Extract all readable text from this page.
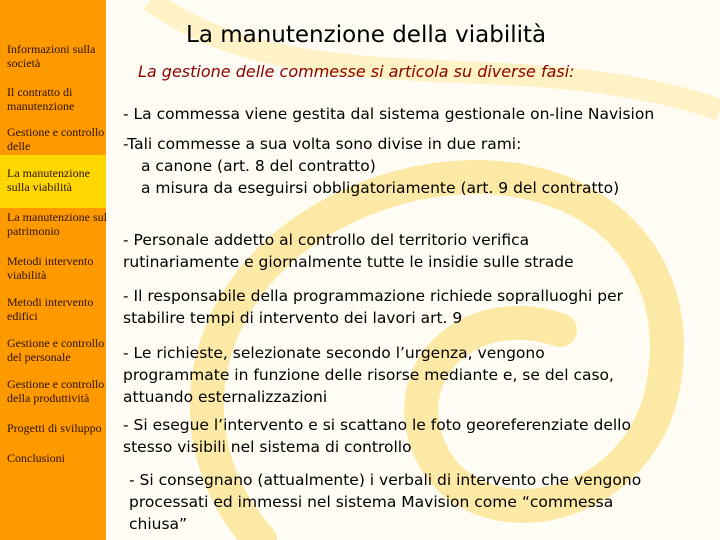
Informazioni sulla società
Il contratto di manutenzione
Gestione e controllo delle
La manutenzione sulla viabilità
La manutenzione sul patrimonio
Metodi intervento viabilità
Metodi intervento edifici
Gestione e controllo del personale
Gestione e controllo della produttività
Progetti di sviluppo
Conclusioni
La manutenzione della viabilità
La gestione delle commesse si articola su diverse fasi:
- La commessa viene gestita dal sistema gestionale on-line Navision
-Tali commesse a sua volta sono divise in due rami:
a canone (art. 8 del contratto)
a misura da eseguirsi obbligatoriamente (art. 9 del contratto)
- Personale addetto al controllo del territorio verifica
rutinariamente e giornalmente tutte le insidie sulle strade
- Il responsabile della programmazione richiede sopralluoghi per
stabilire tempi di intervento dei lavori art. 9
- Le richieste, selezionate secondo l’urgenza, vengono
programmate in funzione delle risorse mediante e, se del caso,
attuando esternalizzazioni
- Si esegue l’intervento e si scattano le foto georeferenziate dello
stesso visibili nel sistema di controllo
- Si consegnano (attualmente) i verbali di intervento che vengono
processati ed immessi nel sistema Mavision come “commessa
chiusa”
